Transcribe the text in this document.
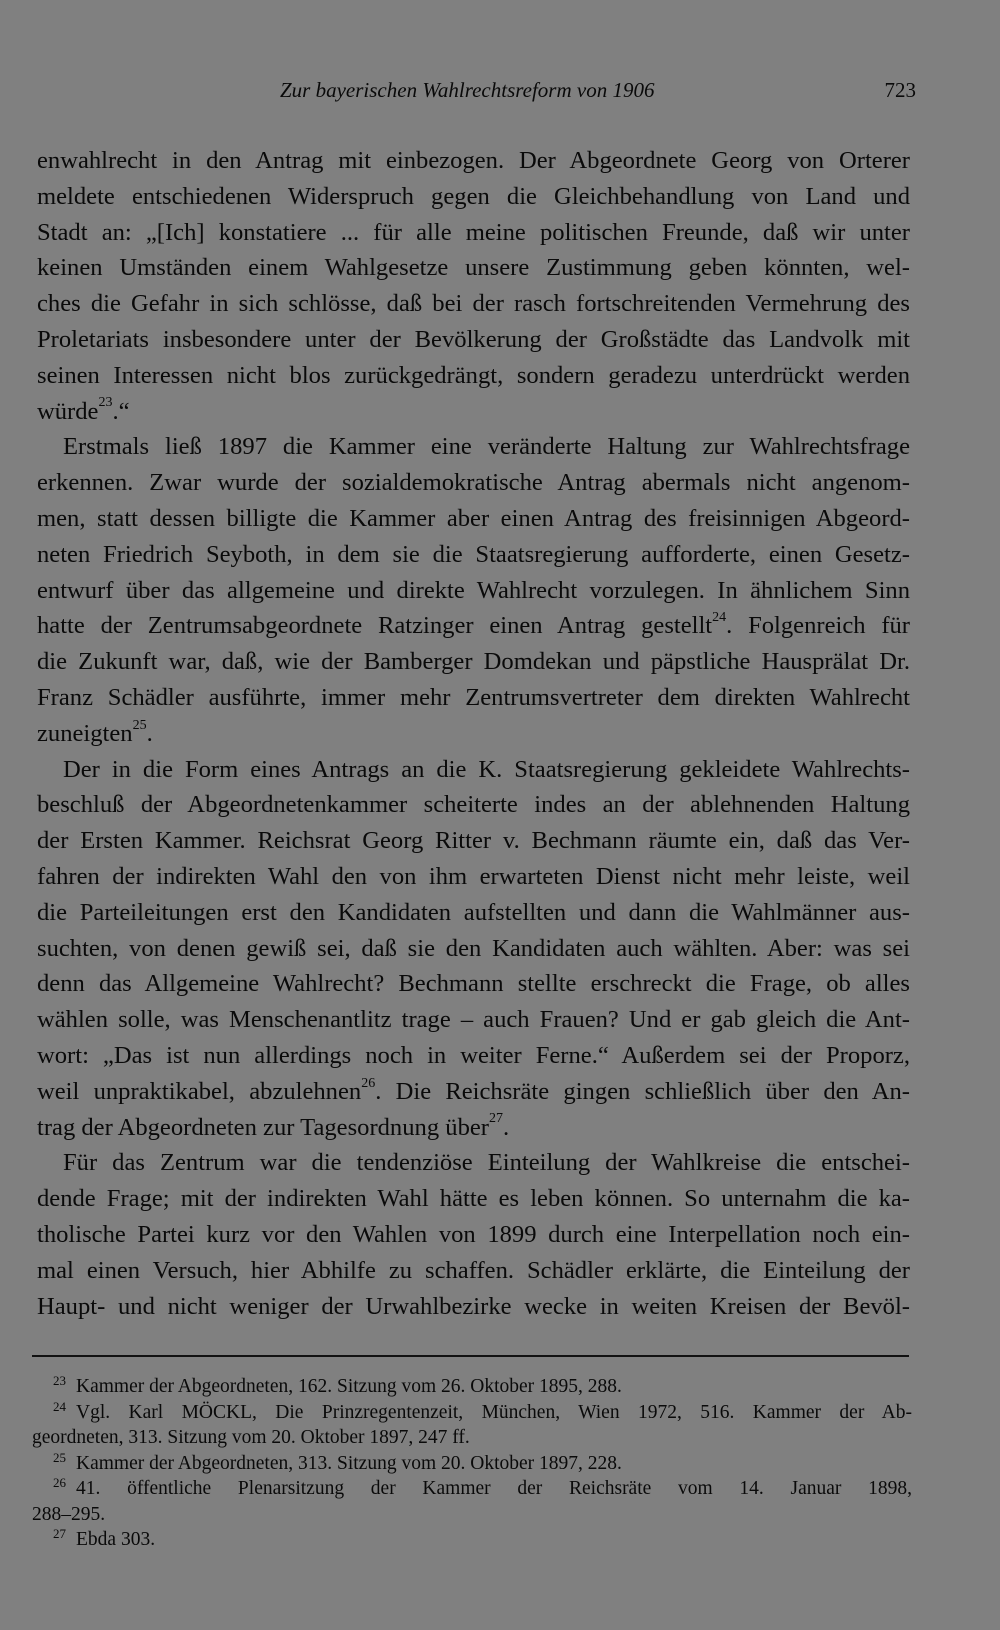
Zur bayerischen Wahlrechtsreform von 1906	723
enwahlrecht in den Antrag mit einbezogen. Der Abgeordnete Georg von Orterer
meldete entschiedenen Widerspruch gegen die Gleichbehandlung von Land und
Stadt an: „[Ich] konstatiere ... für alle meine politischen Freunde, daß wir unter
keinen Umständen einem Wahlgesetze unsere Zustimmung geben könnten, wel-
ches die Gefahr in sich schlösse, daß bei der rasch fortschreitenden Vermehrung des
Proletariats insbesondere unter der Bevölkerung der Großstädte das Landvolk mit
seinen Interessen nicht blos zurückgedrängt, sondern geradezu unterdrückt werden
würde$^{23}$.“
Erstmals ließ 1897 die Kammer eine veränderte Haltung zur Wahlrechtsfrage
erkennen. Zwar wurde der sozialdemokratische Antrag abermals nicht angenom-
men, statt dessen billigte die Kammer aber einen Antrag des freisinnigen Abgeord-
neten Friedrich Seyboth, in dem sie die Staatsregierung aufforderte, einen Gesetz-
entwurf über das allgemeine und direkte Wahlrecht vorzulegen. In ähnlichem Sinn
hatte der Zentrumsabgeordnete Ratzinger einen Antrag gestellt$^{24}$. Folgenreich für
die Zukunft war, daß, wie der Bamberger Domdekan und päpstliche Hausprälat Dr.
Franz Schädler ausführte, immer mehr Zentrumsvertreter dem direkten Wahlrecht
zuneigten$^{25}$.
Der in die Form eines Antrags an die K. Staatsregierung gekleidete Wahlrechts-
beschluß der Abgeordnetenkammer scheiterte indes an der ablehnenden Haltung
der Ersten Kammer. Reichsrat Georg Ritter v. Bechmann räumte ein, daß das Ver-
fahren der indirekten Wahl den von ihm erwarteten Dienst nicht mehr leiste, weil
die Parteileitungen erst den Kandidaten aufstellten und dann die Wahlmänner aus-
suchten, von denen gewiß sei, daß sie den Kandidaten auch wählten. Aber: was sei
denn das Allgemeine Wahlrecht? Bechmann stellte erschreckt die Frage, ob alles
wählen solle, was Menschenantlitz trage – auch Frauen? Und er gab gleich die Ant-
wort: „Das ist nun allerdings noch in weiter Ferne.“ Außerdem sei der Proporz,
weil unpraktikabel, abzulehnen$^{26}$. Die Reichsräte gingen schließlich über den An-
trag der Abgeordneten zur Tagesordnung über$^{27}$.
Für das Zentrum war die tendenziöse Einteilung der Wahlkreise die entschei-
dende Frage; mit der indirekten Wahl hätte es leben können. So unternahm die ka-
tholische Partei kurz vor den Wahlen von 1899 durch eine Interpellation noch ein-
mal einen Versuch, hier Abhilfe zu schaffen. Schädler erklärte, die Einteilung der
Haupt- und nicht weniger der Urwahlbezirke wecke in weiten Kreisen der Bevöl-
$^{23}$ Kammer der Abgeordneten, 162. Sitzung vom 26. Oktober 1895, 288.
$^{24}$ Vgl. Karl MÖCKL, Die Prinzregentenzeit, München, Wien 1972, 516. Kammer der Ab-
geordneten, 313. Sitzung vom 20. Oktober 1897, 247 ff.
$^{25}$ Kammer der Abgeordneten, 313. Sitzung vom 20. Oktober 1897, 228.
$^{26}$ 41. öffentliche Plenarsitzung der Kammer der Reichsräte vom 14. Januar 1898,
288–295.
$^{27}$ Ebda 303.
